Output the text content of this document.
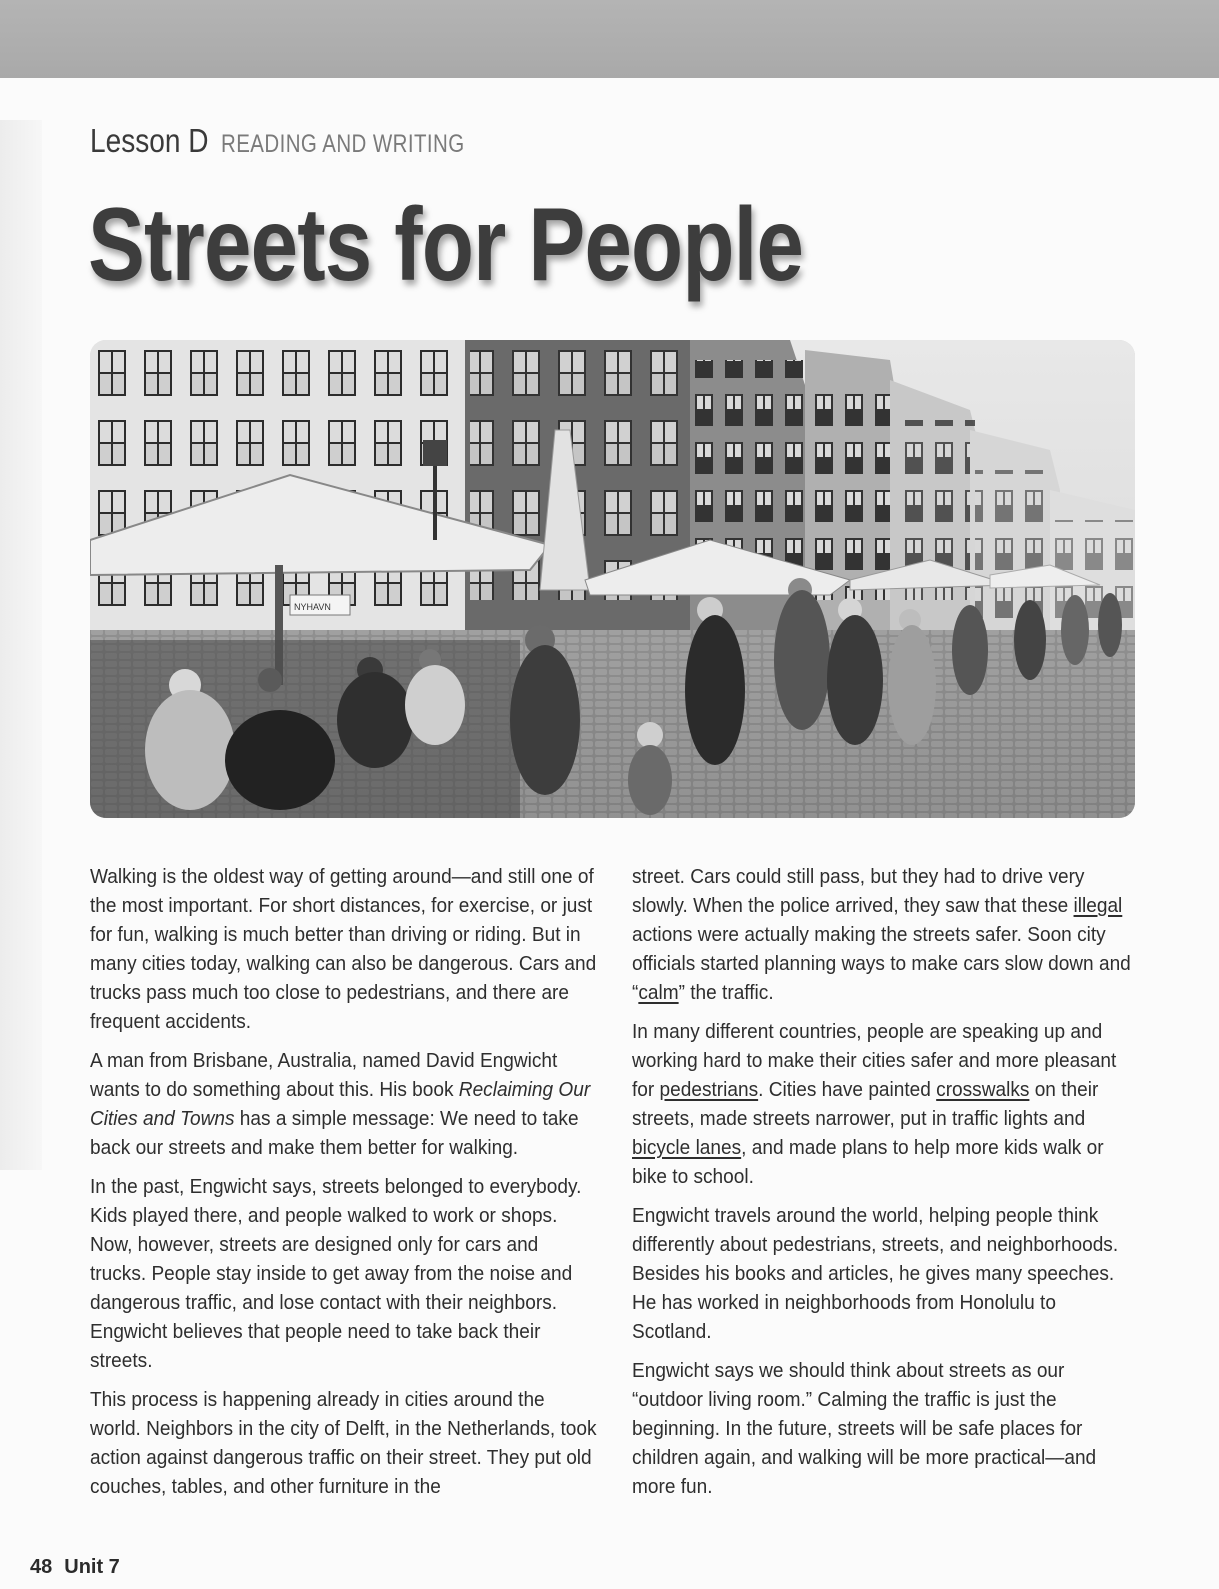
Lesson D READING AND WRITING
Streets for People
NYHAVN

Walking is the oldest way of getting around—and still one of the most important. For short distances, for exercise, or just for fun, walking is much better than driving or riding. But in many cities today, walking can also be dangerous. Cars and trucks pass much too close to pedestrians, and there are frequent accidents.

A man from Brisbane, Australia, named David Engwicht wants to do something about this. His book Reclaiming Our Cities and Towns has a simple message: We need to take back our streets and make them better for walking.

In the past, Engwicht says, streets belonged to everybody. Kids played there, and people walked to work or shops. Now, however, streets are designed only for cars and trucks. People stay inside to get away from the noise and dangerous traffic, and lose contact with their neighbors. Engwicht believes that people need to take back their streets.

This process is happening already in cities around the world. Neighbors in the city of Delft, in the Netherlands, took action against dangerous traffic on their street. They put old couches, tables, and other furniture in the

street. Cars could still pass, but they had to drive very slowly. When the police arrived, they saw that these illegal actions were actually making the streets safer. Soon city officials started planning ways to make cars slow down and “calm” the traffic.

In many different countries, people are speaking up and working hard to make their cities safer and more pleasant for pedestrians. Cities have painted crosswalks on their streets, made streets narrower, put in traffic lights and bicycle lanes, and made plans to help more kids walk or bike to school.

Engwicht travels around the world, helping people think differently about pedestrians, streets, and neighborhoods. Besides his books and articles, he gives many speeches. He has worked in neighborhoods from Honolulu to Scotland.

Engwicht says we should think about streets as our “outdoor living room.” Calming the traffic is just the beginning. In the future, streets will be safe places for children again, and walking will be more practical—and more fun.

48 Unit 7
